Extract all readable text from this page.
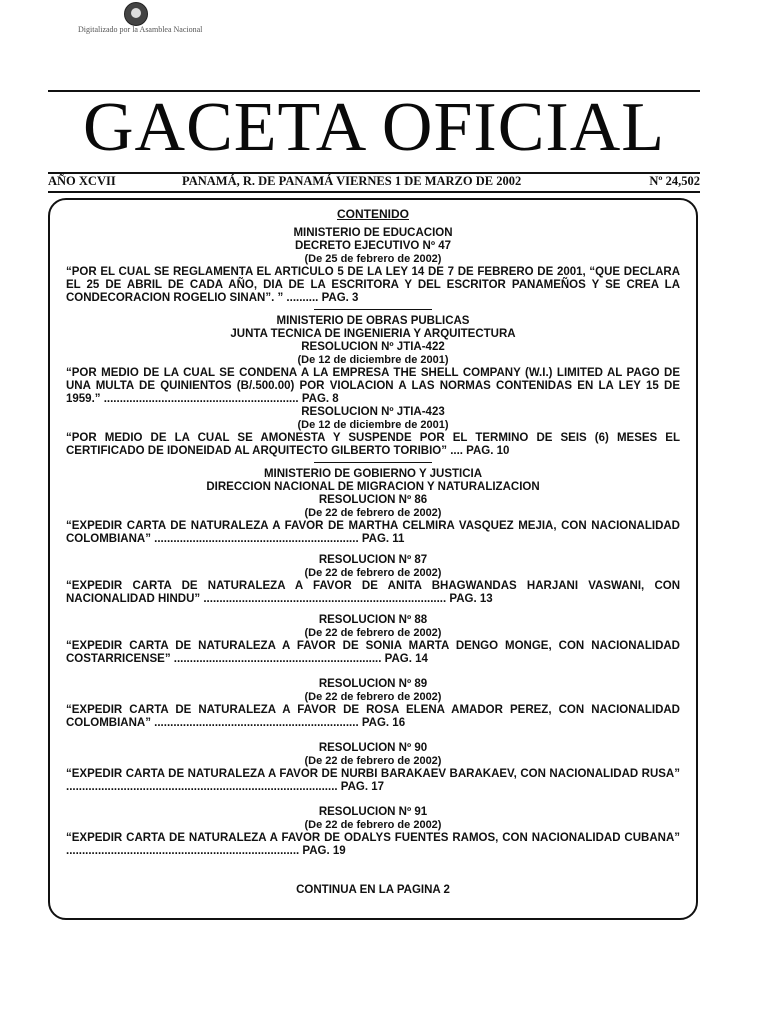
Digitalizado por la Asamblea Nacional
GACETA OFICIAL
AÑO XCVII	PANAMÁ, R. DE PANAMÁ VIERNES 1 DE MARZO DE 2002	Nº 24,502

CONTENIDO

MINISTERIO DE EDUCACION

DECRETO EJECUTIVO Nº 47

(De 25 de febrero de 2002)

“POR EL CUAL SE REGLAMENTA EL ARTICULO 5 DE LA LEY 14 DE 7 DE FEBRERO DE 2001, “QUE DECLARA EL 25 DE ABRIL DE CADA AÑO, DIA DE LA ESCRITORA Y DEL ESCRITOR PANAMEÑOS Y SE CREA LA CONDECORACION ROGELIO SINAN”. ” .......... PAG. 3

MINISTERIO DE OBRAS PUBLICAS

JUNTA TECNICA DE INGENIERIA Y ARQUITECTURA

RESOLUCION Nº JTIA-422

(De 12 de diciembre de 2001)

“POR MEDIO DE LA CUAL SE CONDENA A LA EMPRESA THE SHELL COMPANY (W.I.) LIMITED AL PAGO DE UNA MULTA DE QUINIENTOS (B/.500.00) POR VIOLACION A LAS NORMAS CONTENIDAS EN LA LEY 15 DE 1959.” ............................................................. PAG. 8

RESOLUCION Nº JTIA-423

(De 12 de diciembre de 2001)

“POR MEDIO DE LA CUAL SE AMONESTA Y SUSPENDE POR EL TERMINO DE SEIS (6) MESES EL CERTIFICADO DE IDONEIDAD AL ARQUITECTO GILBERTO TORIBIO” .... PAG. 10

MINISTERIO DE GOBIERNO Y JUSTICIA

DIRECCION NACIONAL DE MIGRACION Y NATURALIZACION

RESOLUCION Nº 86

(De 22 de febrero de 2002)

“EXPEDIR CARTA DE NATURALEZA A FAVOR DE MARTHA CELMIRA VASQUEZ MEJIA, CON NACIONALIDAD COLOMBIANA” ................................................................ PAG. 11

RESOLUCION Nº 87

(De 22 de febrero de 2002)

“EXPEDIR CARTA DE NATURALEZA A FAVOR DE ANITA BHAGWANDAS HARJANI VASWANI, CON NACIONALIDAD HINDU” ............................................................................ PAG. 13

RESOLUCION Nº 88

(De 22 de febrero de 2002)

“EXPEDIR CARTA DE NATURALEZA A FAVOR DE SONIA MARTA DENGO MONGE, CON NACIONALIDAD COSTARRICENSE” ................................................................. PAG. 14

RESOLUCION Nº 89

(De 22 de febrero de 2002)

“EXPEDIR CARTA DE NATURALEZA A FAVOR DE ROSA ELENA AMADOR PEREZ, CON NACIONALIDAD COLOMBIANA” ................................................................ PAG. 16

RESOLUCION Nº 90

(De 22 de febrero de 2002)

“EXPEDIR CARTA DE NATURALEZA A FAVOR DE NURBI BARAKAEV BARAKAEV, CON NACIONALIDAD RUSA” ..................................................................................... PAG. 17

RESOLUCION Nº 91

(De 22 de febrero de 2002)

“EXPEDIR CARTA DE NATURALEZA A FAVOR DE ODALYS FUENTES RAMOS, CON NACIONALIDAD CUBANA” ......................................................................... PAG. 19

CONTINUA EN LA PAGINA 2
